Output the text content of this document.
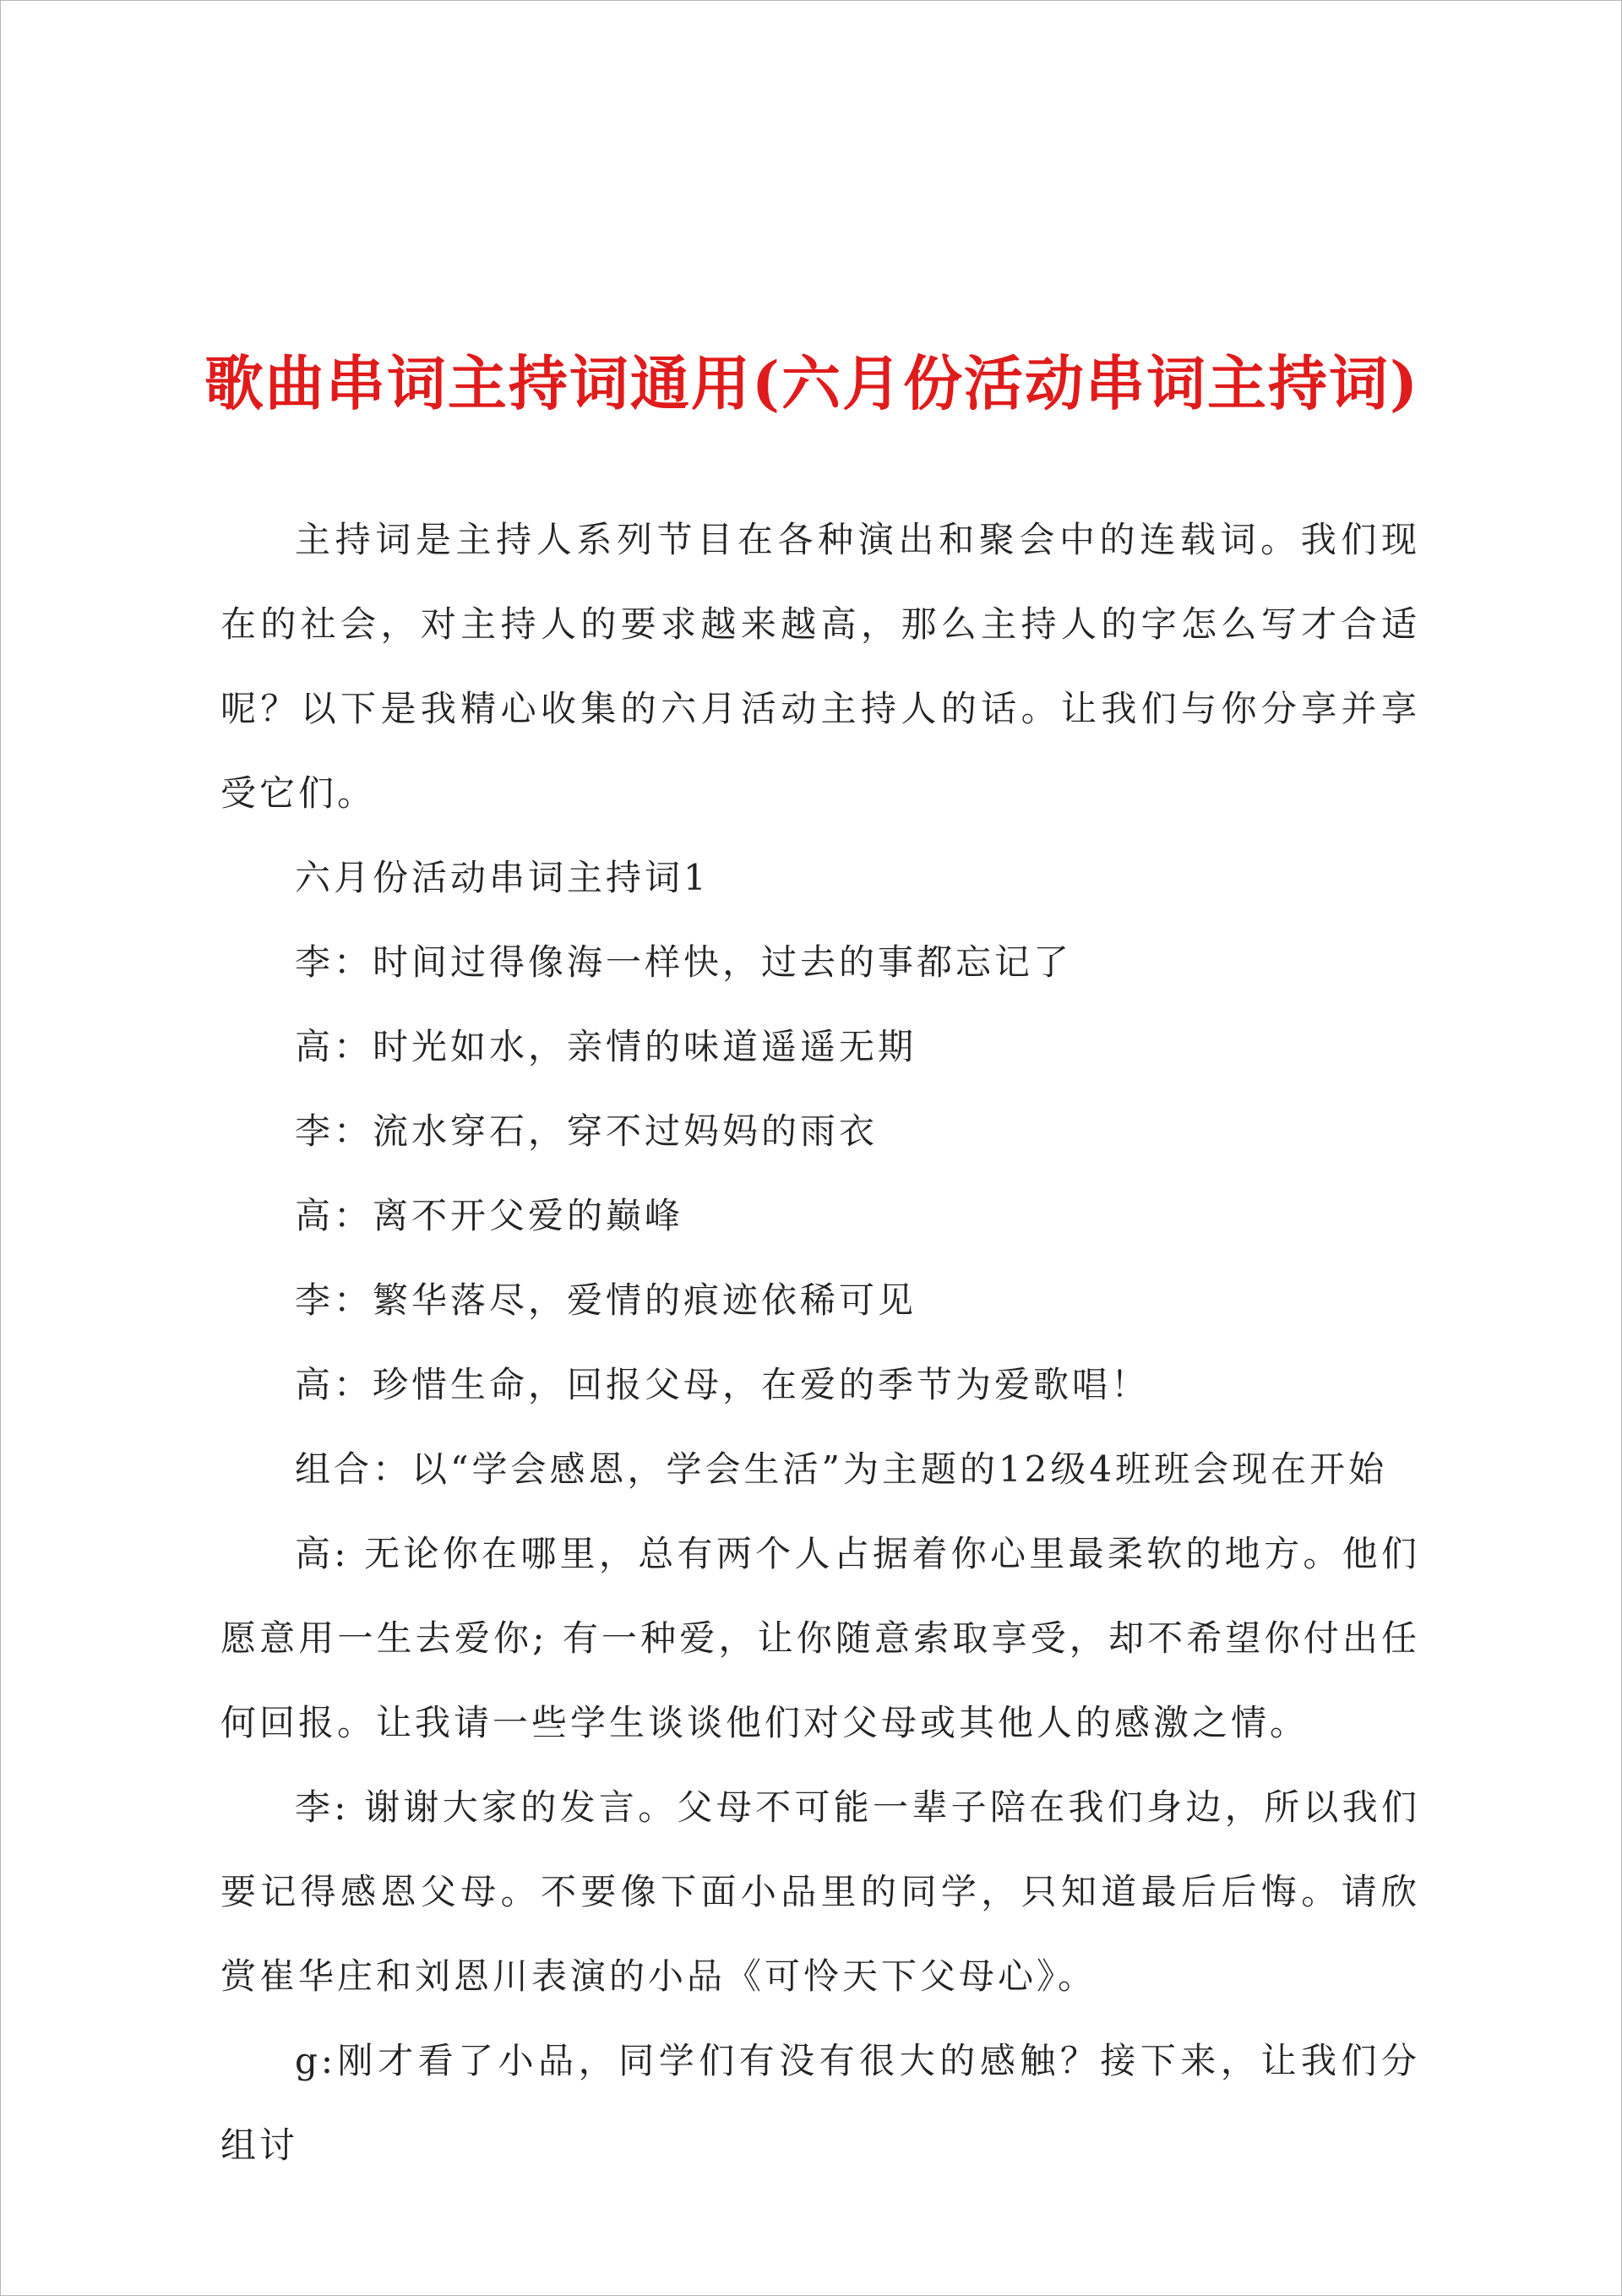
歌曲串词主持词通用(六月份活动串词主持词)

主持词是主持人系列节目在各种演出和聚会中的连载词。我们现在的社会，对主持人的要求越来越高，那么主持人的字怎么写才合适呢？以下是我精心收集的六月活动主持人的话。让我们与你分享并享受它们。

六月份活动串词主持词1

李：时间过得像海一样快，过去的事都忘记了

高：时光如水，亲情的味道遥遥无期

李：流水穿石，穿不过妈妈的雨衣

高：离不开父爱的巅峰

李：繁华落尽，爱情的痕迹依稀可见

高：珍惜生命，回报父母，在爱的季节为爱歌唱！

组合：以“学会感恩，学会生活”为主题的12级4班班会现在开始

高: 无论你在哪里，总有两个人占据着你心里最柔软的地方。他们愿意用一生去爱你; 有一种爱，让你随意索取享受，却不希望你付出任何回报。让我请一些学生谈谈他们对父母或其他人的感激之情。

李: 谢谢大家的发言。父母不可能一辈子陪在我们身边，所以我们要记得感恩父母。不要像下面小品里的同学，只知道最后后悔。请欣赏崔华庄和刘恩川表演的小品《可怜天下父母心》。

g:刚才看了小品，同学们有没有很大的感触？接下来，让我们分组讨
